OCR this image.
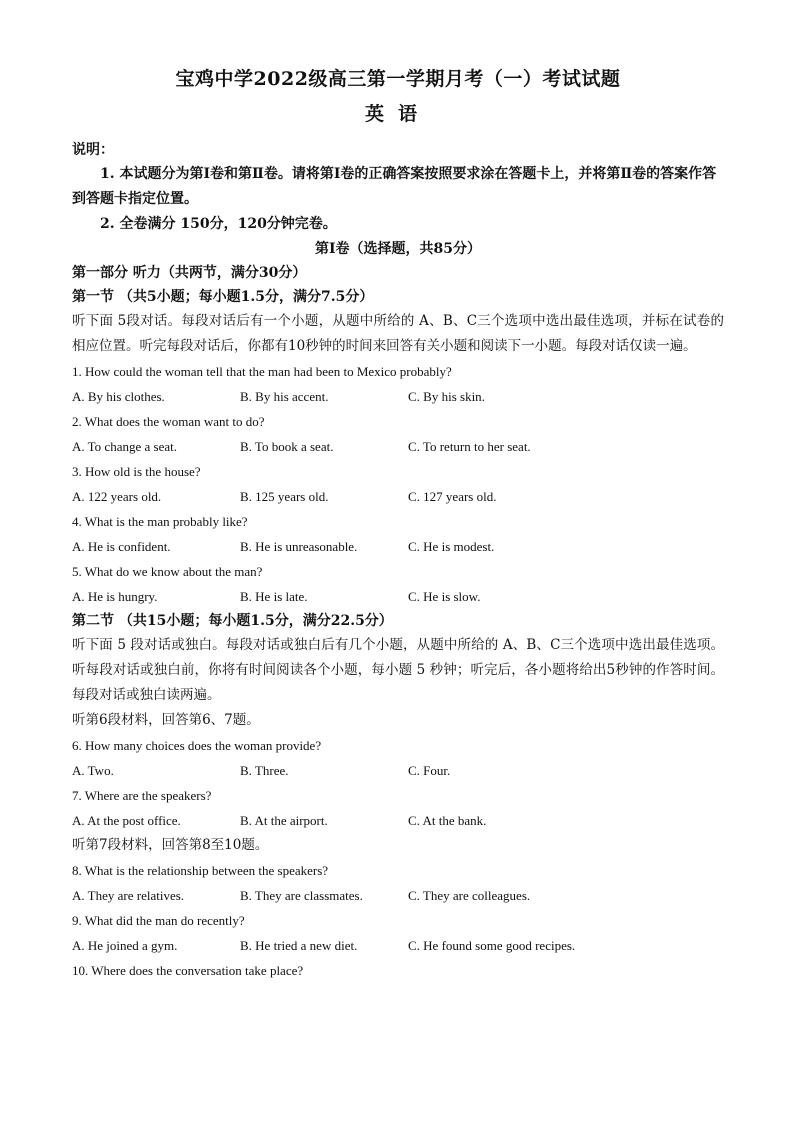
宝鸡中学2022级高三第一学期月考（一）考试试题
英语
说明：
1. 本试题分为第Ⅰ卷和第Ⅱ卷。请将第Ⅰ卷的正确答案按照要求涂在答题卡上，并将第Ⅱ卷的答案作答到答题卡指定位置。
2. 全卷满分 150分，120分钟完卷。
第Ⅰ卷（选择题，共85分）
第一部分 听力（共两节，满分30分）
第一节 （共5小题；每小题1.5分，满分7.5分）
听下面 5段对话。每段对话后有一个小题，从题中所给的 A、B、C三个选项中选出最佳选项，并标在试卷的相应位置。听完每段对话后，你都有10秒钟的时间来回答有关小题和阅读下一小题。每段对话仅读一遍。
1. How could the woman tell that the man had been to Mexico probably?
A. By his clothes.	B. By his accent.	C. By his skin.
2. What does the woman want to do?
A. To change a seat.	B. To book a seat.	C. To return to her seat.
3. How old is the house?
A. 122 years old.	B. 125 years old.	C. 127 years old.
4. What is the man probably like?
A. He is confident.	B. He is unreasonable.	C. He is modest.
5. What do we know about the man?
A. He is hungry.	B. He is late.	C. He is slow.
第二节 （共15小题；每小题1.5分，满分22.5分）
听下面 5 段对话或独白。每段对话或独白后有几个小题，从题中所给的 A、B、C三个选项中选出最佳选项。听每段对话或独白前，你将有时间阅读各个小题，每小题 5 秒钟；听完后，各小题将给出5秒钟的作答时间。每段对话或独白读两遍。
听第6段材料，回答第6、7题。
6. How many choices does the woman provide?
A. Two.	B. Three.	C. Four.
7. Where are the speakers?
A. At the post office.	B. At the airport.	C. At the bank.
听第7段材料，回答第8至10题。
8. What is the relationship between the speakers?
A. They are relatives.	B. They are classmates.	C. They are colleagues.
9. What did the man do recently?
A. He joined a gym.	B. He tried a new diet.	C. He found some good recipes.
10. Where does the conversation take place?
